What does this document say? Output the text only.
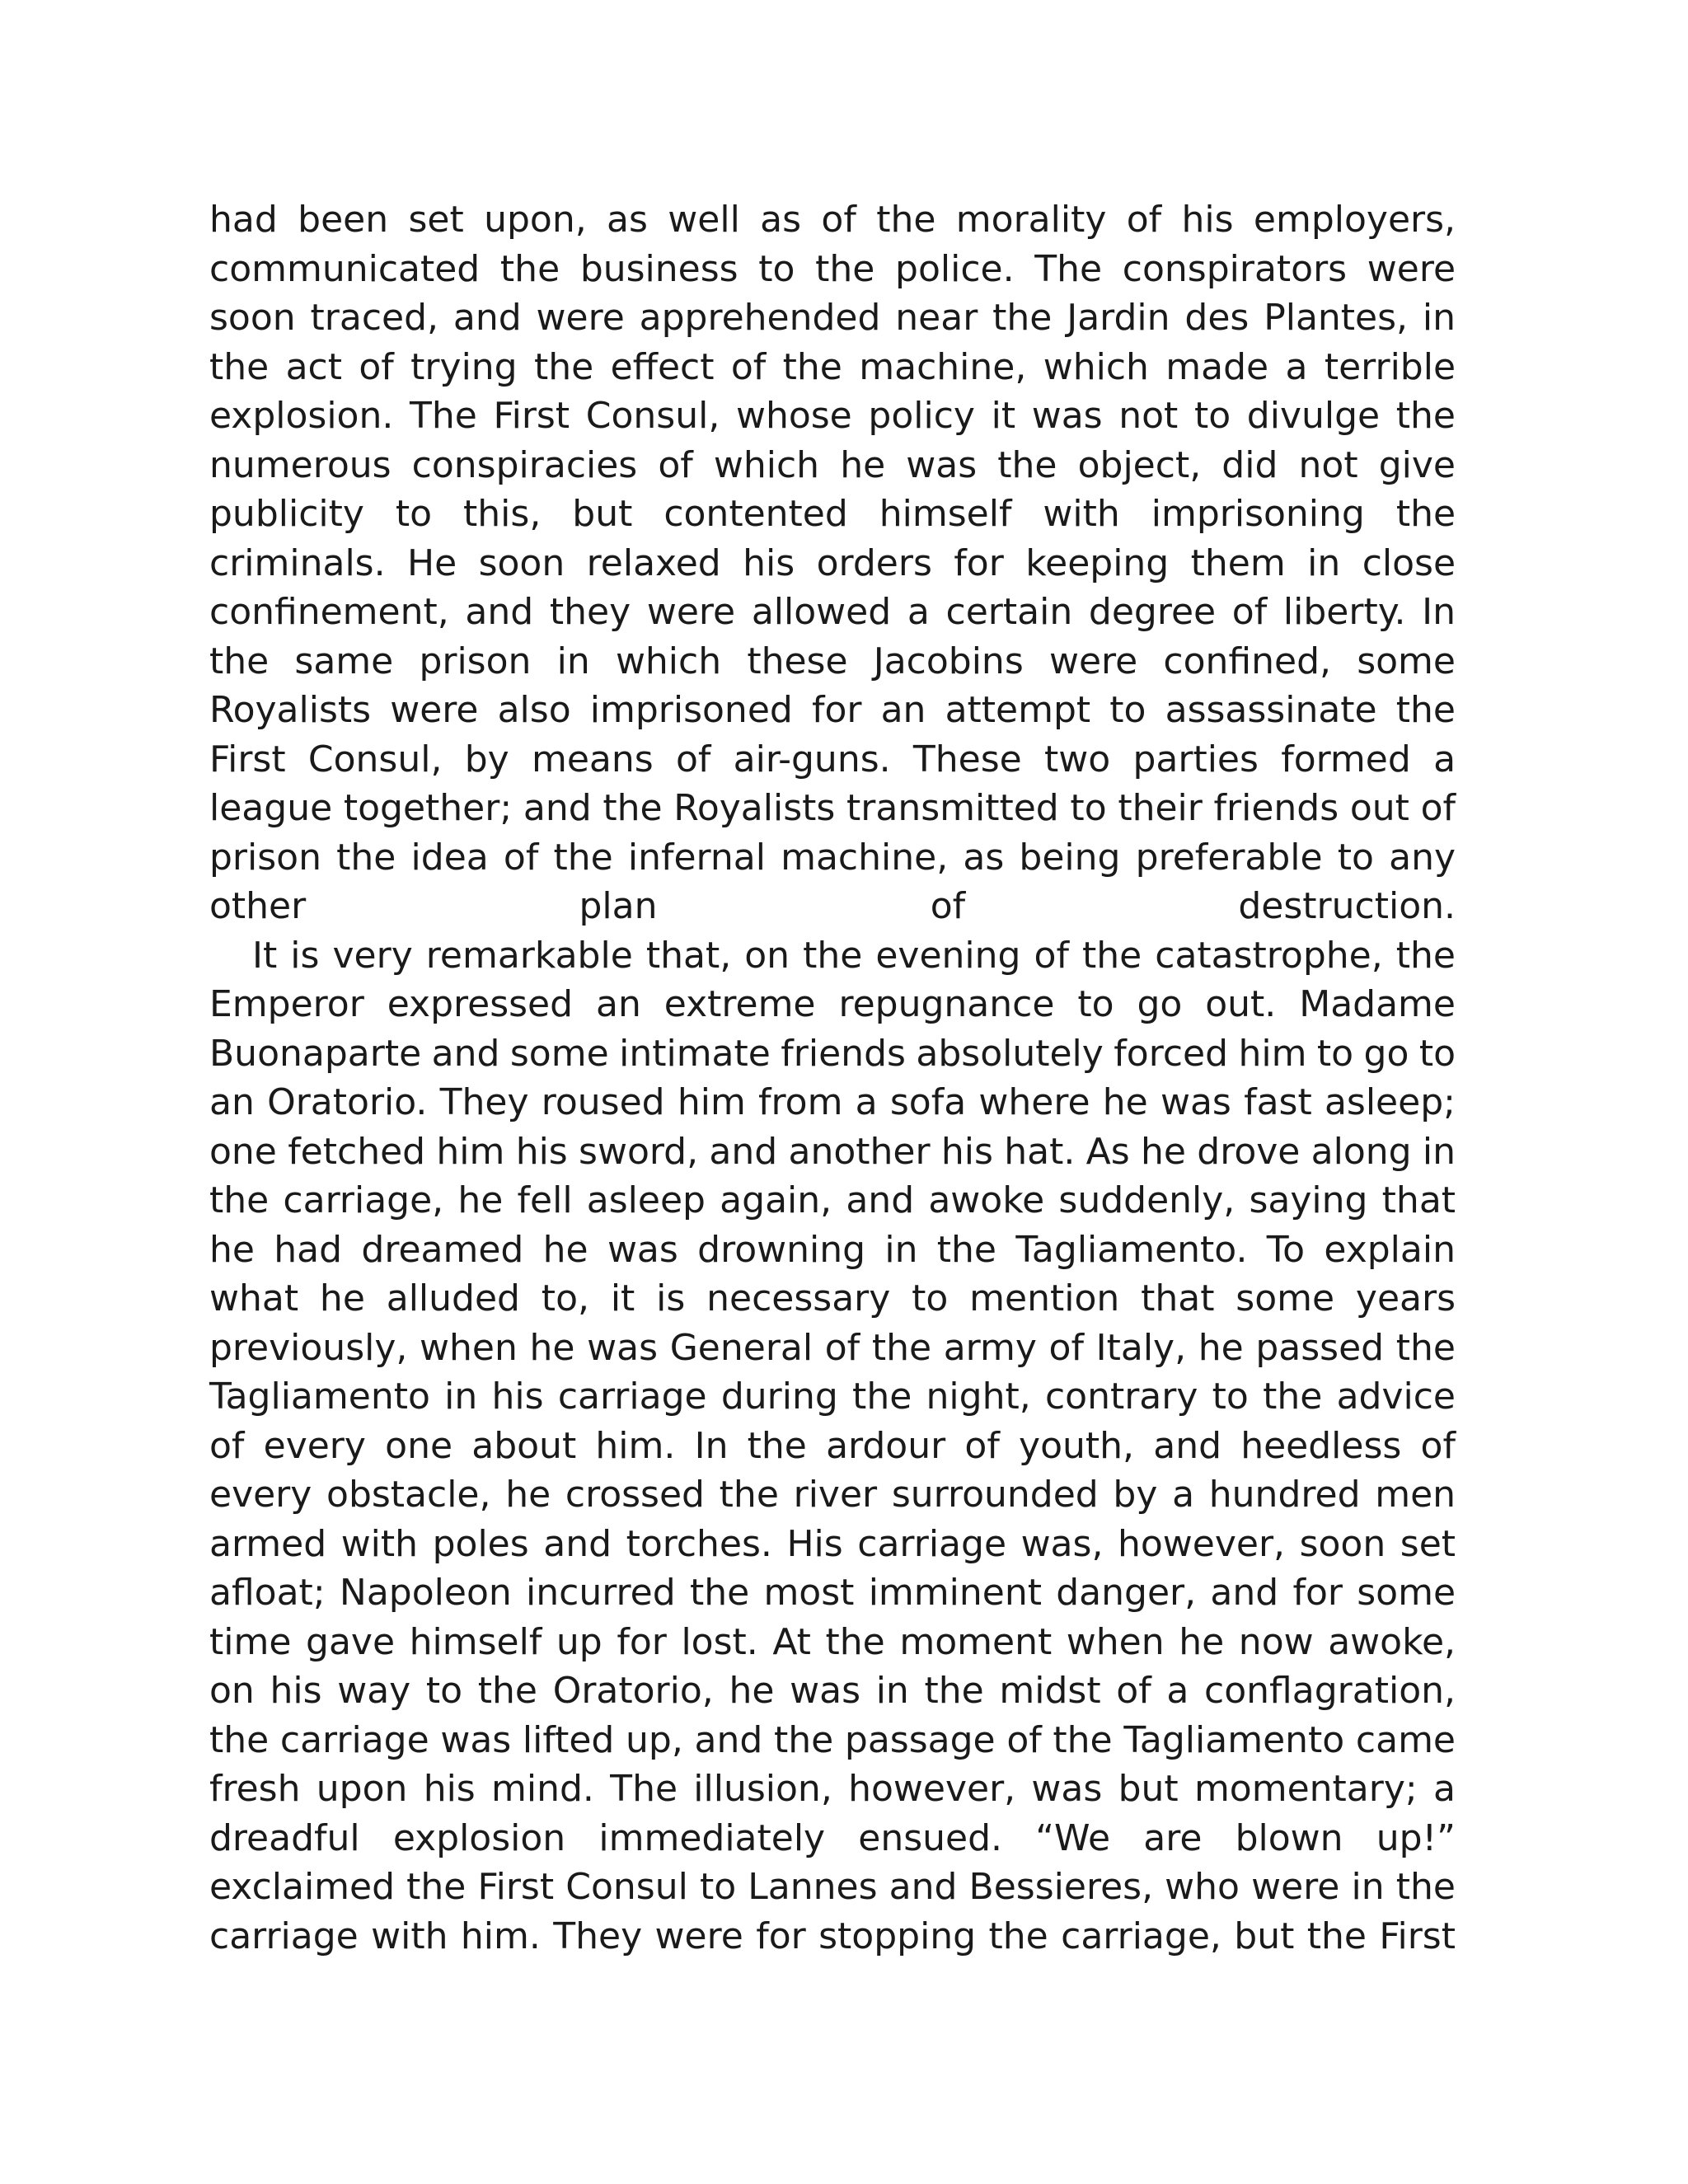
had been set upon, as well as of the morality of his employers,
communicated the business to the police. The conspirators were
soon traced, and were apprehended near the Jardin des Plantes, in
the act of trying the effect of the machine, which made a terrible
explosion. The First Consul, whose policy it was not to divulge the
numerous conspiracies of which he was the object, did not give
publicity to this, but contented himself with imprisoning the
criminals. He soon relaxed his orders for keeping them in close
confinement, and they were allowed a certain degree of liberty. In
the same prison in which these Jacobins were confined, some
Royalists were also imprisoned for an attempt to assassinate the
First Consul, by means of air-guns. These two parties formed a
league together; and the Royalists transmitted to their friends out of
prison the idea of the infernal machine, as being preferable to any
other plan of destruction.
It is very remarkable that, on the evening of the catastrophe, the
Emperor expressed an extreme repugnance to go out. Madame
Buonaparte and some intimate friends absolutely forced him to go to
an Oratorio. They roused him from a sofa where he was fast asleep;
one fetched him his sword, and another his hat. As he drove along in
the carriage, he fell asleep again, and awoke suddenly, saying that
he had dreamed he was drowning in the Tagliamento. To explain
what he alluded to, it is necessary to mention that some years
previously, when he was General of the army of Italy, he passed the
Tagliamento in his carriage during the night, contrary to the advice
of every one about him. In the ardour of youth, and heedless of
every obstacle, he crossed the river surrounded by a hundred men
armed with poles and torches. His carriage was, however, soon set
afloat; Napoleon incurred the most imminent danger, and for some
time gave himself up for lost. At the moment when he now awoke,
on his way to the Oratorio, he was in the midst of a conflagration,
the carriage was lifted up, and the passage of the Tagliamento came
fresh upon his mind. The illusion, however, was but momentary; a
dreadful explosion immediately ensued. “We are blown up!”
exclaimed the First Consul to Lannes and Bessieres, who were in the
carriage with him. They were for stopping the carriage, but the First
